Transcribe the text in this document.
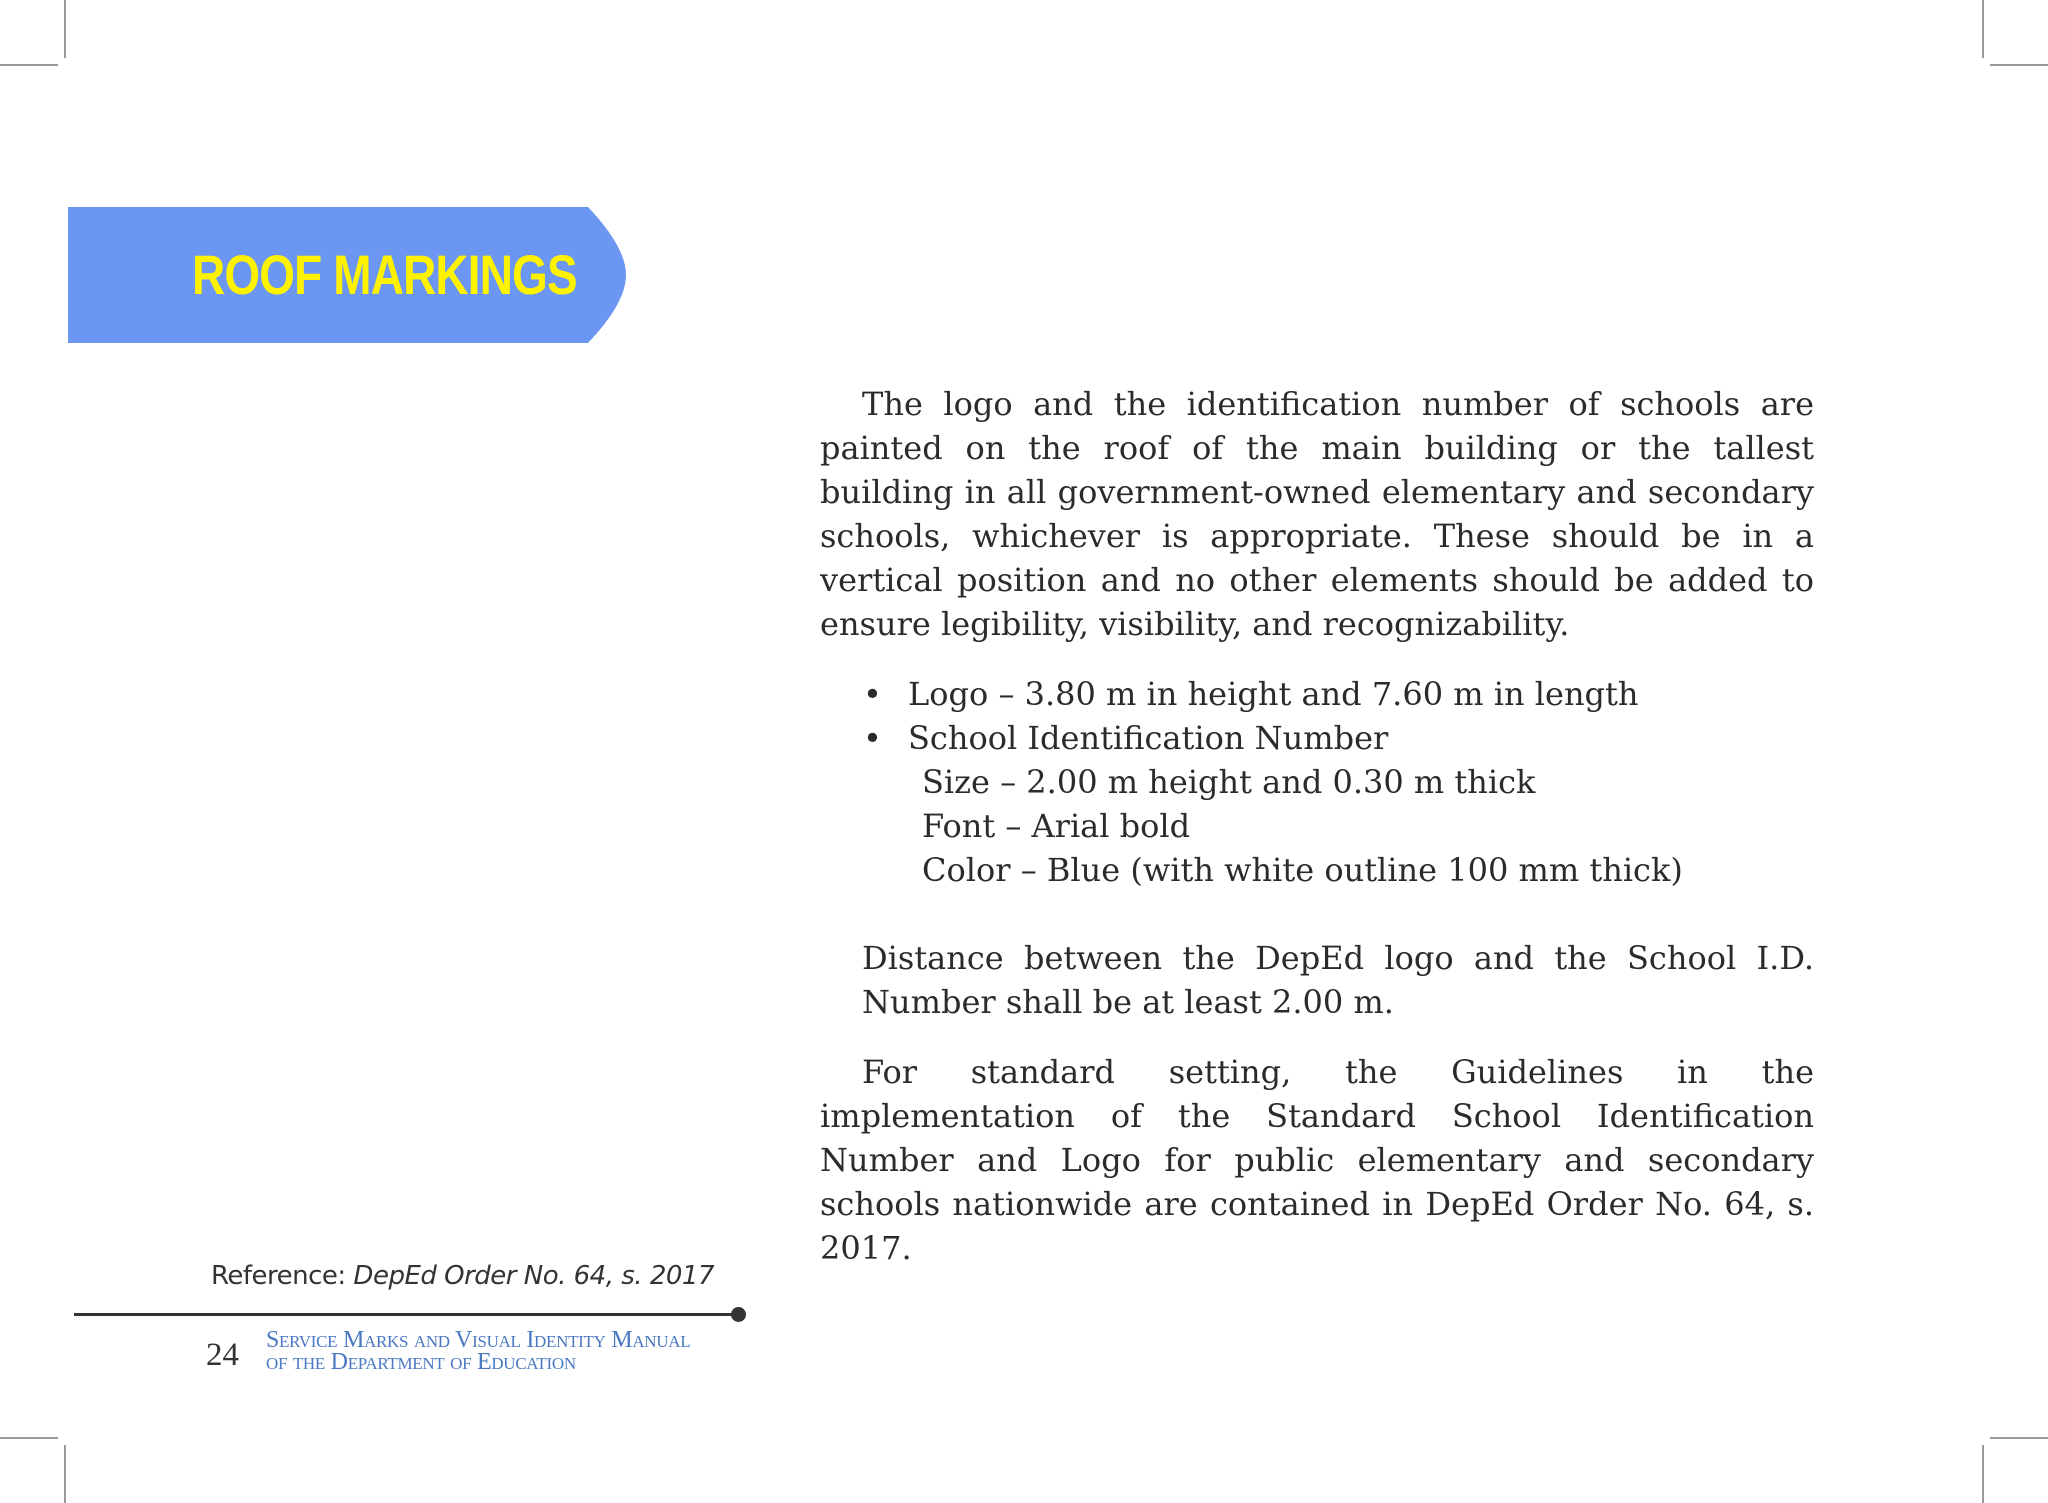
ROOF MARKINGS

The logo and the identification number of schools are painted on the roof of the main building or the tallest building in all government-owned elementary and secondary schools, whichever is appropriate. These should be in a vertical position and no other elements should be added to ensure legibility, visibility, and recognizability.

• Logo – 3.80 m in height and 7.60 m in length
• School Identification Number
Size – 2.00 m height and 0.30 m thick
Font – Arial bold
Color – Blue (with white outline 100 mm thick)

Distance between the DepEd logo and the School I.D. Number shall be at least 2.00 m.

For standard setting, the Guidelines in the implementation of the Standard School Identification Number and Logo for public elementary and secondary schools nationwide are contained in DepEd Order No. 64, s. 2017.

Reference: DepEd Order No. 64, s. 2017
24 Service Marks and Visual Identity Manual
of the Department of Education
